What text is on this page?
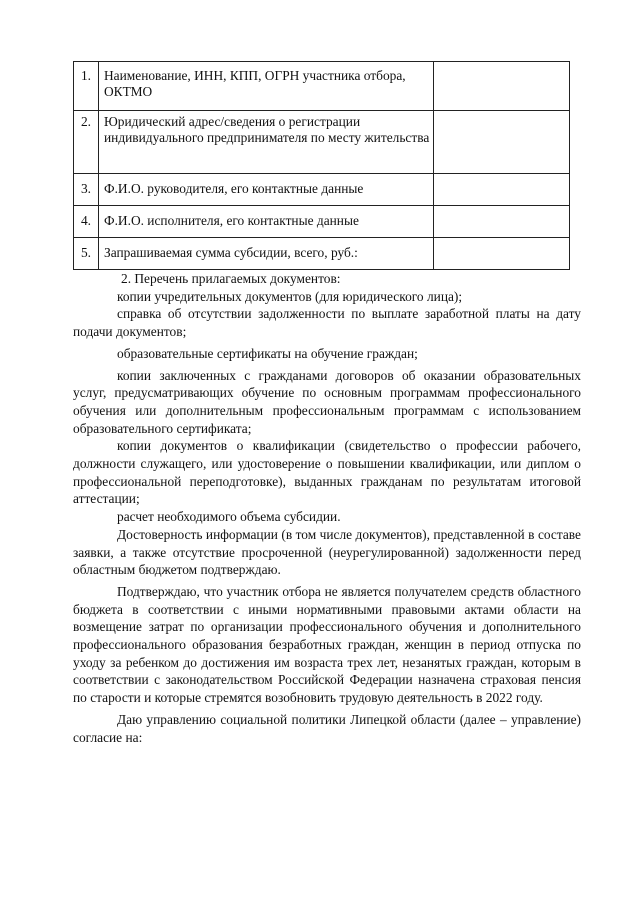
1.	Наименование, ИНН, КПП, ОГРН участника отбора, ОКТМО	
2.	Юридический адрес/сведения о регистрации индивидуального предпринимателя по месту жительства	
3.	Ф.И.О. руководителя, его контактные данные	
4.	Ф.И.О. исполнителя, его контактные данные	
5.	Запрашиваемая сумма субсидии, всего, руб.:	

2. Перечень прилагаемых документов:

копии учредительных документов (для юридического лица);

справка об отсутствии задолженности по выплате заработной платы на дату подачи документов;

образовательные сертификаты на обучение граждан;

копии заключенных с гражданами договоров об оказании образовательных услуг, предусматривающих обучение по основным программам профессионального обучения или дополнительным профессиональным программам с использованием образовательного сертификата;

копии документов о квалификации (свидетельство о профессии рабочего, должности служащего, или удостоверение о повышении квалификации, или диплом о профессиональной переподготовке), выданных гражданам по результатам итоговой аттестации;

расчет необходимого объема субсидии.

Достоверность информации (в том числе документов), представленной в составе заявки, а также отсутствие просроченной (неурегулированной) задолженности перед областным бюджетом подтверждаю.

Подтверждаю, что участник отбора не является получателем средств областного бюджета в соответствии с иными нормативными правовыми актами области на возмещение затрат по организации профессионального обучения и дополнительного профессионального образования безработных граждан, женщин в период отпуска по уходу за ребенком до достижения им возраста трех лет, незанятых граждан, которым в соответствии с законодательством Российской Федерации назначена страховая пенсия по старости и которые стремятся возобновить трудовую деятельность в 2022 году.

Даю управлению социальной политики Липецкой области (далее – управление) согласие на:
